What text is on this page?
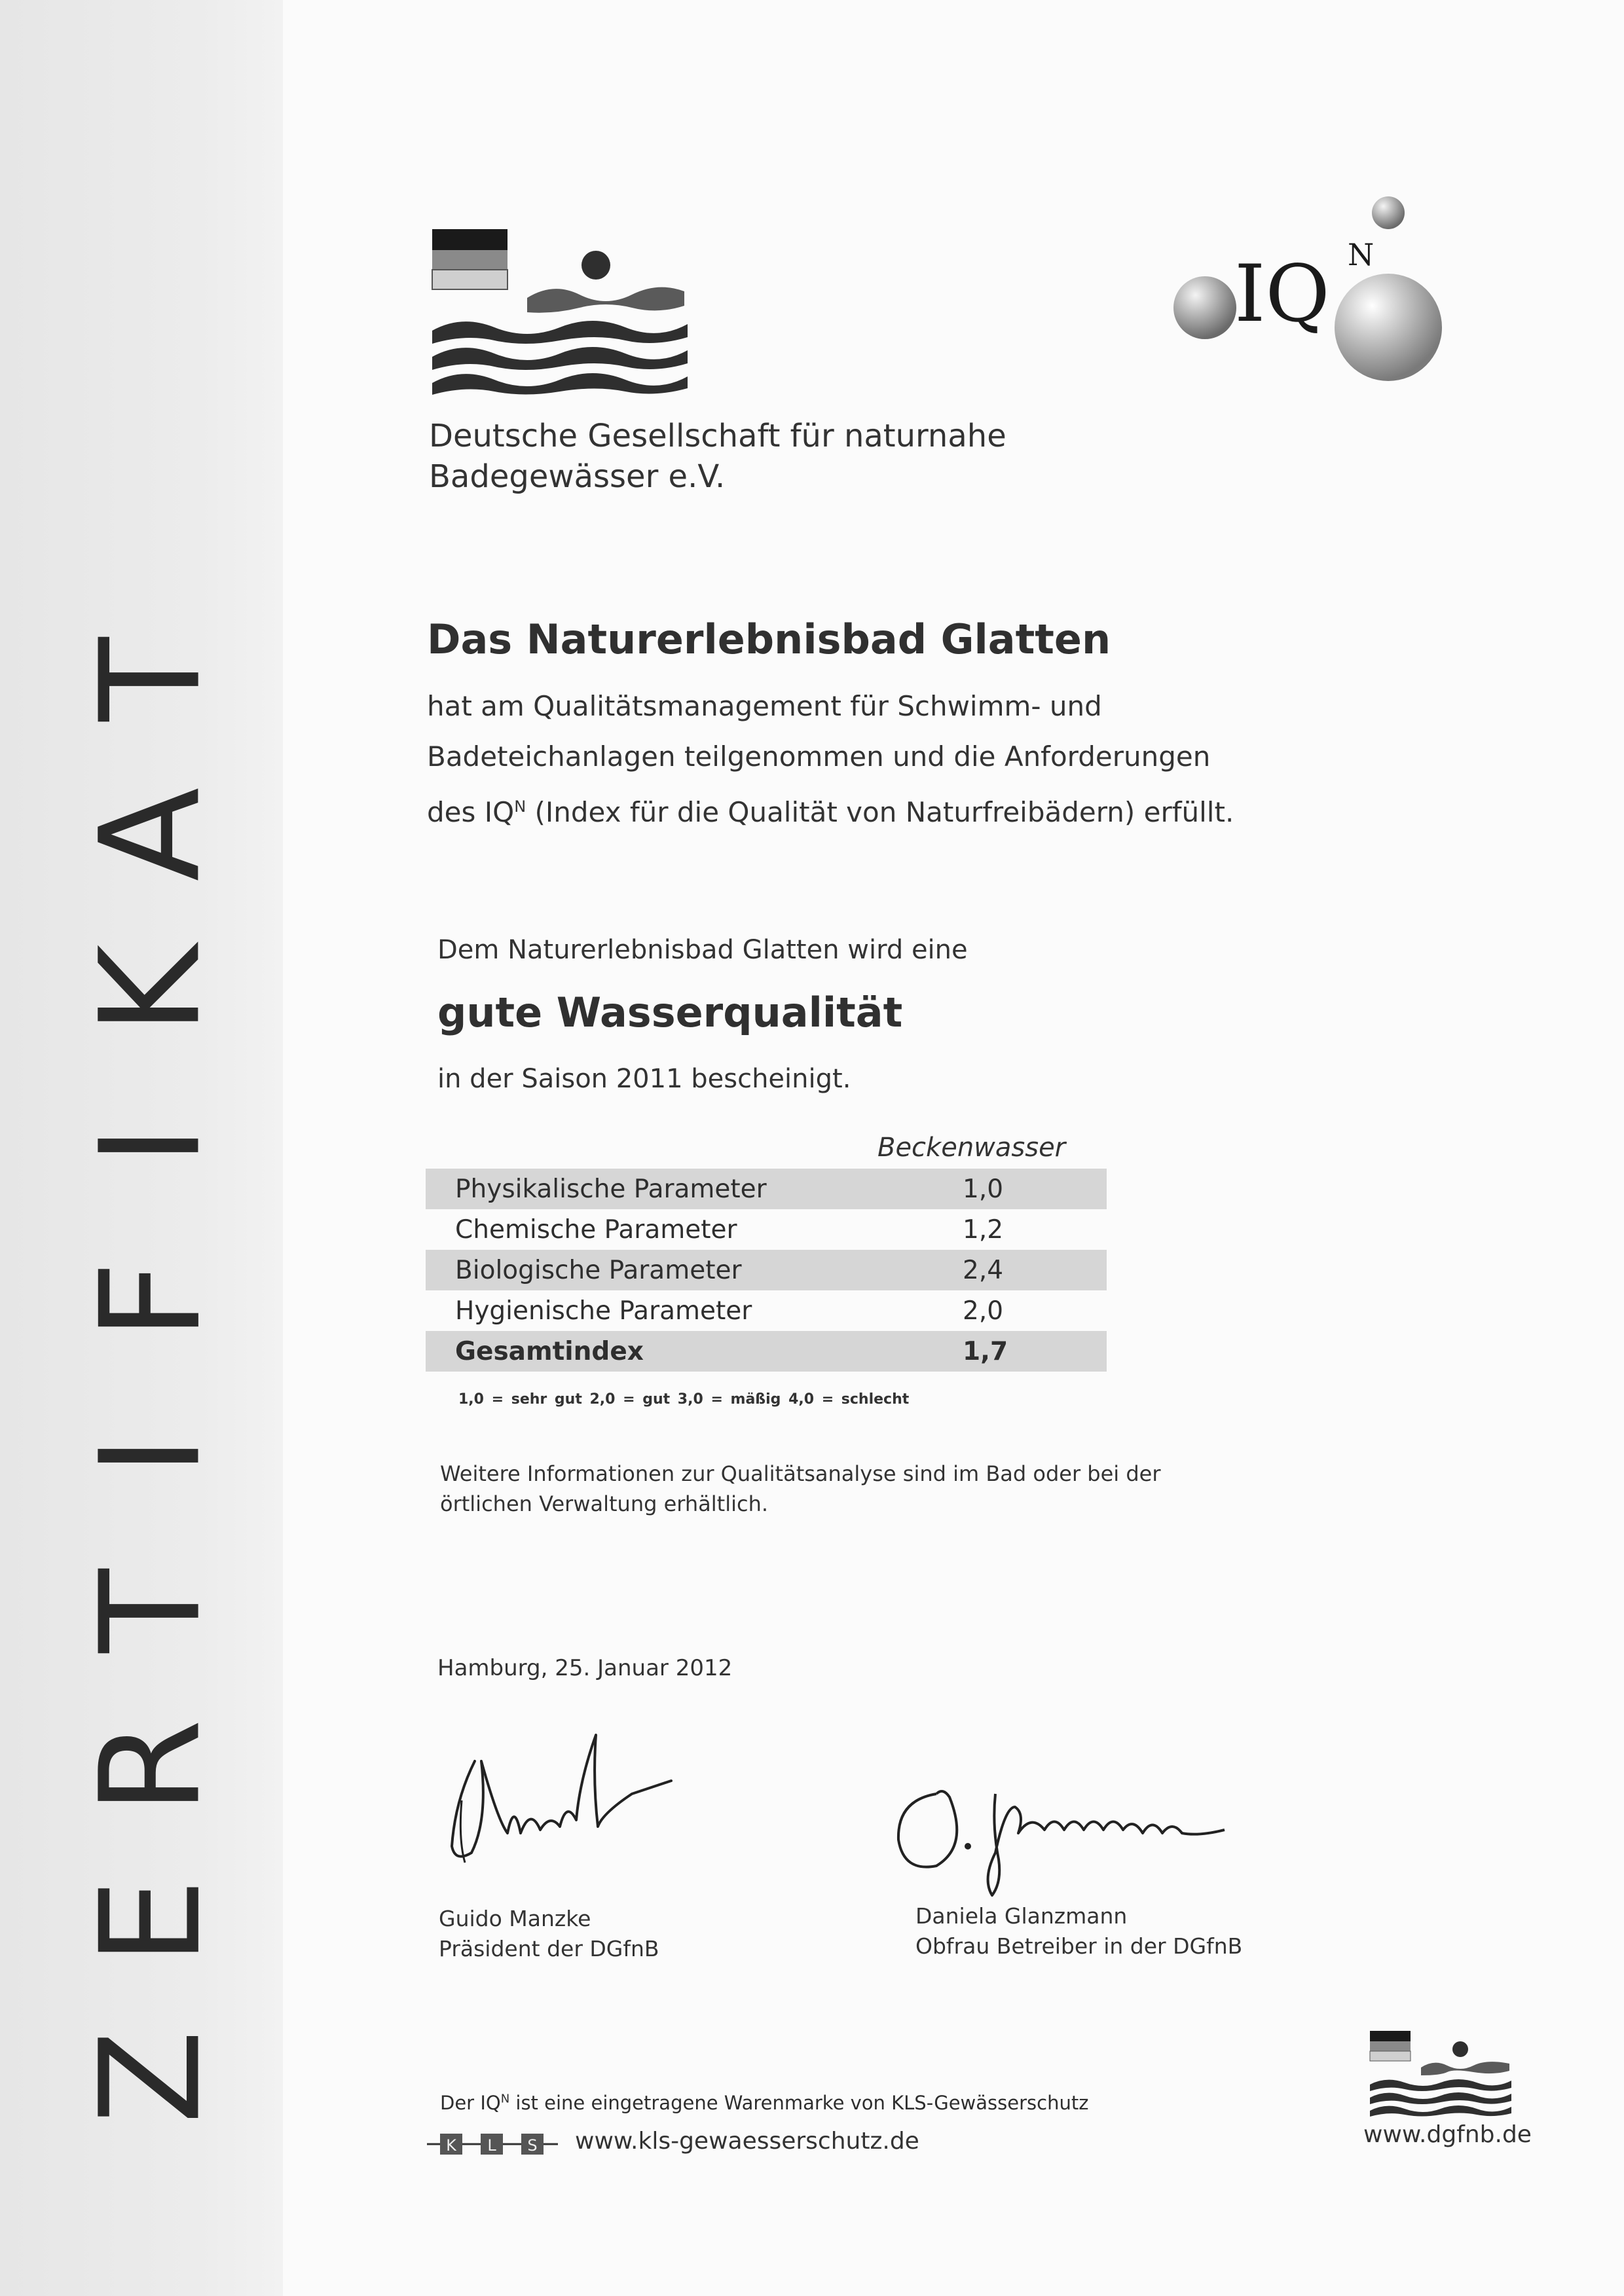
T
A
K
I
F
I
T
R
E
Z
IQ N
Deutsche Gesellschaft für naturnahe
Badegewässer e.V.
Das Naturerlebnisbad Glatten
hat am Qualitätsmanagement für Schwimm- und
Badeteichanlagen teilgenommen und die Anforderungen
des $IQ^N$ (Index für die Qualität von Naturfreibädern) erfüllt.
Dem Naturerlebnisbad Glatten wird eine
gute Wasserqualität
in der Saison 2011 bescheinigt.
Beckenwasser
Physikalische Parameter	1,0
Chemische Parameter	1,2
Biologische Parameter	2,4
Hygienische Parameter	2,0
Gesamtindex	1,7
1,0 = sehr gut 2,0 = gut 3,0 = mäßig 4,0 = schlecht
Weitere Informationen zur Qualitätsanalyse sind im Bad oder bei der
örtlichen Verwaltung erhältlich.
Hamburg, 25. Januar 2012
Guido Manzke
Präsident der DGfnB
Daniela Glanzmann
Obfrau Betreiber in der DGfnB
Der $IQ^N$ ist eine eingetragene Warenmarke von KLS-Gewässerschutz
K L S www.kls-gewaesserschutz.de	www.dgfnb.de
